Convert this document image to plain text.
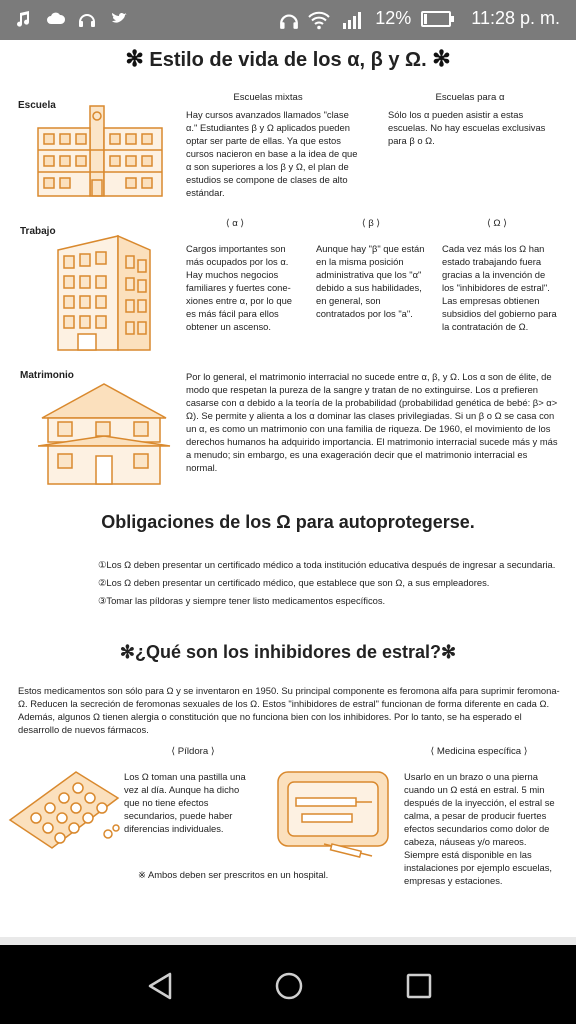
12%	11:28 p. m.
✻ Estilo de vida de los α, β y Ω. ✻
Escuela
Escuelas mixtas
Hay cursos avanzados llamados "clase α." Estudiantes β y Ω aplicados pueden optar ser parte de ellas. Ya que estos cursos nacieron en base a la idea de que α son superiores a los β y Ω, el plan de estudios se compone de clases de alto estándar.
Escuelas para α
Sólo los α pueden asistir a estas escuelas. No hay escuelas exclusivas para β o Ω.
Trabajo
⟨ α ⟩
Cargos importantes son más ocupados por los α. Hay muchos negocios familiares y fuertes cone-xiones entre α, por lo que es más fácil para ellos obtener un ascenso.
⟨ β ⟩
Aunque hay "β" que están en la misma posición administrativa que los "α" debido a sus habilidades, en general, son contratados por los "a".
⟨ Ω ⟩
Cada vez más los Ω han estado trabajando fuera gracias a la invención de los "inhibidores de estral". Las empresas obtienen subsidios del gobierno para la contratación de Ω.
Matrimonio	Por lo general, el matrimonio interracial no sucede entre α, β, y Ω. Los α son de élite, de modo que respetan la pureza de la sangre y tratan de no extinguirse. Los α prefieren casarse con α debido a la teoría de la probabilidad (probabilidad genética de bebé: β> α> Ω). Se permite y alienta a los α dominar las clases privilegiadas. Si un β o Ω se casa con un α, es como un matrimonio con una familia de riqueza. De 1960, el movimiento de los derechos humanos ha adquirido importancia. El matrimonio interracial sucede más y más a menudo; sin embargo, es una exageración decir que el matrimonio interracial es normal.
Obligaciones de los Ω para autoprotegerse.
①Los Ω deben presentar un certificado médico a toda institución educativa después de ingresar a secundaria.
②Los Ω deben presentar un certificado médico, que establece que son Ω, a sus empleadores.
③Tomar las píldoras y siempre tener listo medicamentos específicos.
✻¿Qué son los inhibidores de estral?✻
Estos medicamentos son sólo para Ω y se inventaron en 1950. Su principal componente es feromona alfa para suprimir feromona-Ω. Reducen la secreción de feromonas sexuales de los Ω. Estos "inhibidores de estral" funcionan de forma diferente en cada Ω. Además, algunos Ω tienen alergia o constitución que no funciona bien con los inhibidores. Por lo tanto, se ha esperado el desarrollo de nuevos fármacos.
⟨ Píldora ⟩
Los Ω toman una pastilla una vez al día. Aunque ha dicho que no tiene efectos secundarios, puede haber diferencias individuales.
※ Ambos deben ser prescritos en un hospital.
⟨ Medicina específica ⟩
Usarlo en un brazo o una pierna cuando un Ω está en estral. 5 min después de la inyección, el estral se calma, a pesar de producir fuertes efectos secundarios como dolor de cabeza, náuseas y/o mareos. Siempre está disponible en las instalaciones por ejemplo escuelas, empresas y estaciones.
